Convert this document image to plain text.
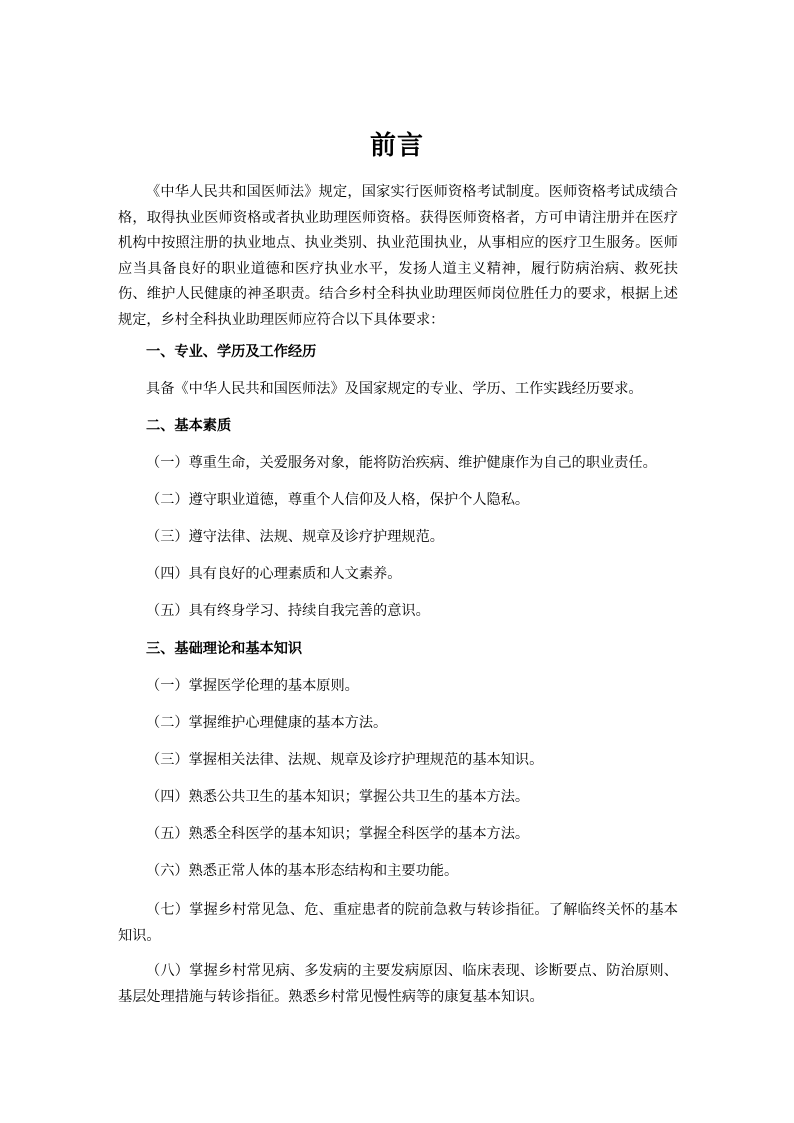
前言
《中华人民共和国医师法》规定，国家实行医师资格考试制度。医师资格考试成绩合格，取得执业医师资格或者执业助理医师资格。获得医师资格者，方可申请注册并在医疗机构中按照注册的执业地点、执业类别、执业范围执业，从事相应的医疗卫生服务。医师应当具备良好的职业道德和医疗执业水平，发扬人道主义精神，履行防病治病、救死扶伤、维护人民健康的神圣职责。结合乡村全科执业助理医师岗位胜任力的要求，根据上述规定，乡村全科执业助理医师应符合以下具体要求：
一、专业、学历及工作经历
具备《中华人民共和国医师法》及国家规定的专业、学历、工作实践经历要求。
二、基本素质
（一）尊重生命，关爱服务对象，能将防治疾病、维护健康作为自己的职业责任。
（二）遵守职业道德，尊重个人信仰及人格，保护个人隐私。
（三）遵守法律、法规、规章及诊疗护理规范。
（四）具有良好的心理素质和人文素养。
（五）具有终身学习、持续自我完善的意识。
三、基础理论和基本知识
（一）掌握医学伦理的基本原则。
（二）掌握维护心理健康的基本方法。
（三）掌握相关法律、法规、规章及诊疗护理规范的基本知识。
（四）熟悉公共卫生的基本知识；掌握公共卫生的基本方法。
（五）熟悉全科医学的基本知识；掌握全科医学的基本方法。
（六）熟悉正常人体的基本形态结构和主要功能。
（七）掌握乡村常见急、危、重症患者的院前急救与转诊指征。了解临终关怀的基本知识。
（八）掌握乡村常见病、多发病的主要发病原因、临床表现、诊断要点、防治原则、基层处理措施与转诊指征。熟悉乡村常见慢性病等的康复基本知识。
